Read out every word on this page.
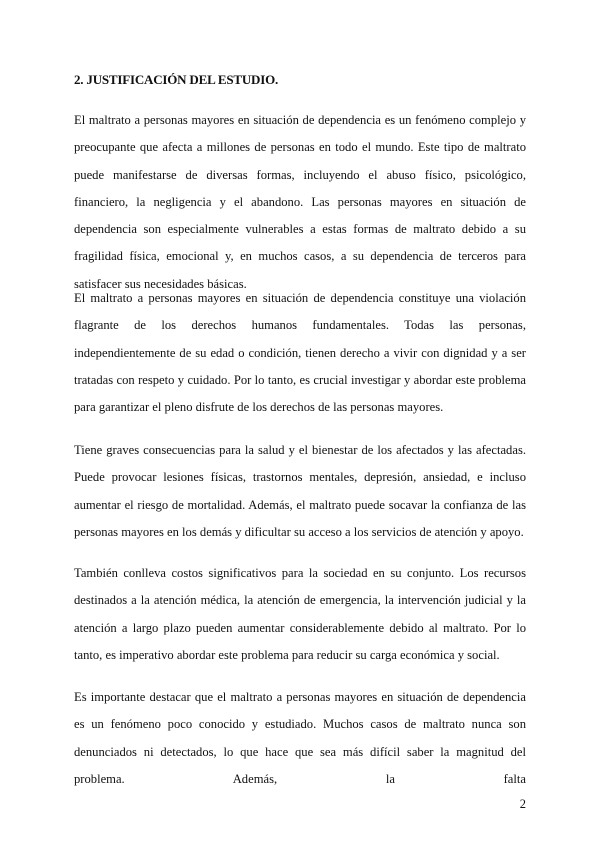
2. JUSTIFICACIÓN DEL ESTUDIO.

El maltrato a personas mayores en situación de dependencia es un fenómeno complejo y preocupante que afecta a millones de personas en todo el mundo. Este tipo de maltrato puede manifestarse de diversas formas, incluyendo el abuso físico, psicológico, financiero, la negligencia y el abandono. Las personas mayores en situación de dependencia son especialmente vulnerables a estas formas de maltrato debido a su fragilidad física, emocional y, en muchos casos, a su dependencia de terceros para satisfacer sus necesidades básicas.

El maltrato a personas mayores en situación de dependencia constituye una violación flagrante de los derechos humanos fundamentales. Todas las personas, independientemente de su edad o condición, tienen derecho a vivir con dignidad y a ser tratadas con respeto y cuidado. Por lo tanto, es crucial investigar y abordar este problema para garantizar el pleno disfrute de los derechos de las personas mayores.

Tiene graves consecuencias para la salud y el bienestar de los afectados y las afectadas. Puede provocar lesiones físicas, trastornos mentales, depresión, ansiedad, e incluso aumentar el riesgo de mortalidad. Además, el maltrato puede socavar la confianza de las personas mayores en los demás y dificultar su acceso a los servicios de atención y apoyo.

También conlleva costos significativos para la sociedad en su conjunto. Los recursos destinados a la atención médica, la atención de emergencia, la intervención judicial y la atención a largo plazo pueden aumentar considerablemente debido al maltrato. Por lo tanto, es imperativo abordar este problema para reducir su carga económica y social.

Es importante destacar que el maltrato a personas mayores en situación de dependencia es un fenómeno poco conocido y estudiado. Muchos casos de maltrato nunca son denunciados ni detectados, lo que hace que sea más difícil saber la magnitud del problema. Además, la falta

2
